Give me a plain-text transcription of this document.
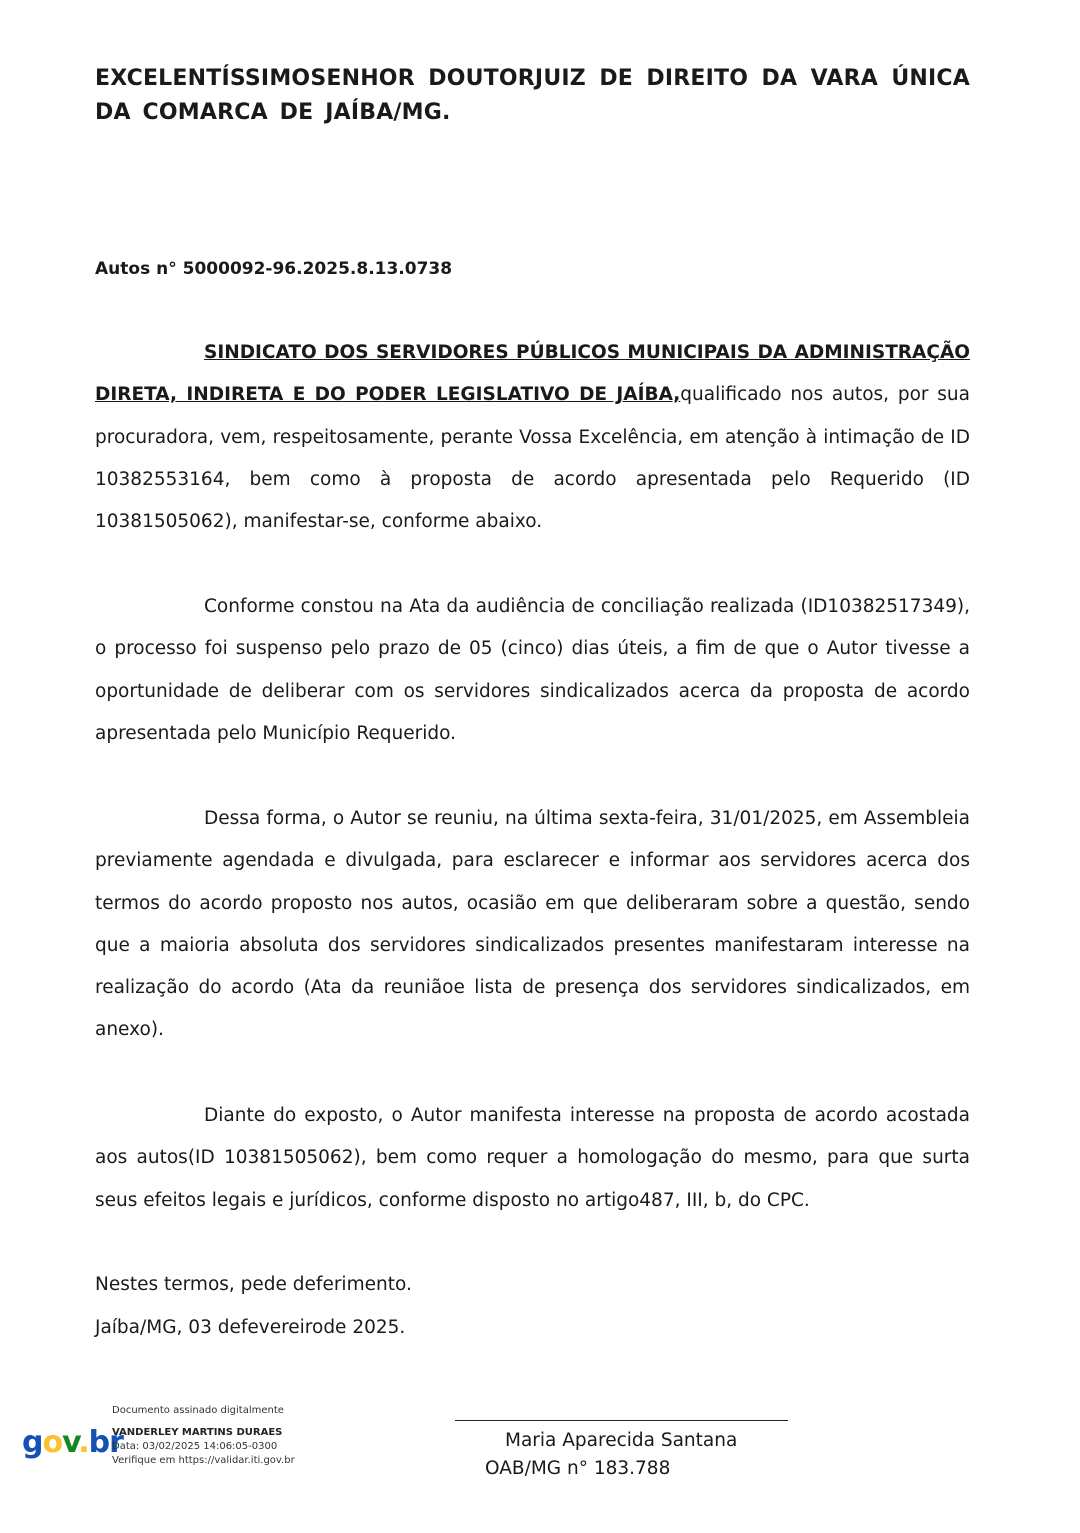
EXCELENTÍSSIMOSENHOR DOUTORJUIZ DE DIREITO DA VARA ÚNICA DA COMARCA DE JAÍBA/MG.
Autos n° 5000092-96.2025.8.13.0738
SINDICATO DOS SERVIDORES PÚBLICOS MUNICIPAIS DA ADMINISTRAÇÃO DIRETA, INDIRETA E DO PODER LEGISLATIVO DE JAÍBA,qualificado nos autos, por sua procuradora, vem, respeitosamente, perante Vossa Excelência, em atenção à intimação de ID 10382553164, bem como à proposta de acordo apresentada pelo Requerido (ID 10381505062), manifestar-se, conforme abaixo.
Conforme constou na Ata da audiência de conciliação realizada (ID10382517349), o processo foi suspenso pelo prazo de 05 (cinco) dias úteis, a fim de que o Autor tivesse a oportunidade de deliberar com os servidores sindicalizados acerca da proposta de acordo apresentada pelo Município Requerido.
Dessa forma, o Autor se reuniu, na última sexta-feira, 31/01/2025, em Assembleia previamente agendada e divulgada, para esclarecer e informar aos servidores acerca dos termos do acordo proposto nos autos, ocasião em que deliberaram sobre a questão, sendo que a maioria absoluta dos servidores sindicalizados presentes manifestaram interesse na realização do acordo (Ata da reuniãoe lista de presença dos servidores sindicalizados, em anexo).
Diante do exposto, o Autor manifesta interesse na proposta de acordo acostada aos autos(ID 10381505062), bem como requer a homologação do mesmo, para que surta seus efeitos legais e jurídicos, conforme disposto no artigo487, III, b, do CPC.
Nestes termos, pede deferimento.
Jaíba/MG, 03 defevereirode 2025.
gov.br
Documento assinado digitalmente
VANDERLEY MARTINS DURAES
Data: 03/02/2025 14:06:05-0300
Verifique em https://validar.iti.gov.br
Maria Aparecida Santana
OAB/MG n° 183.788
